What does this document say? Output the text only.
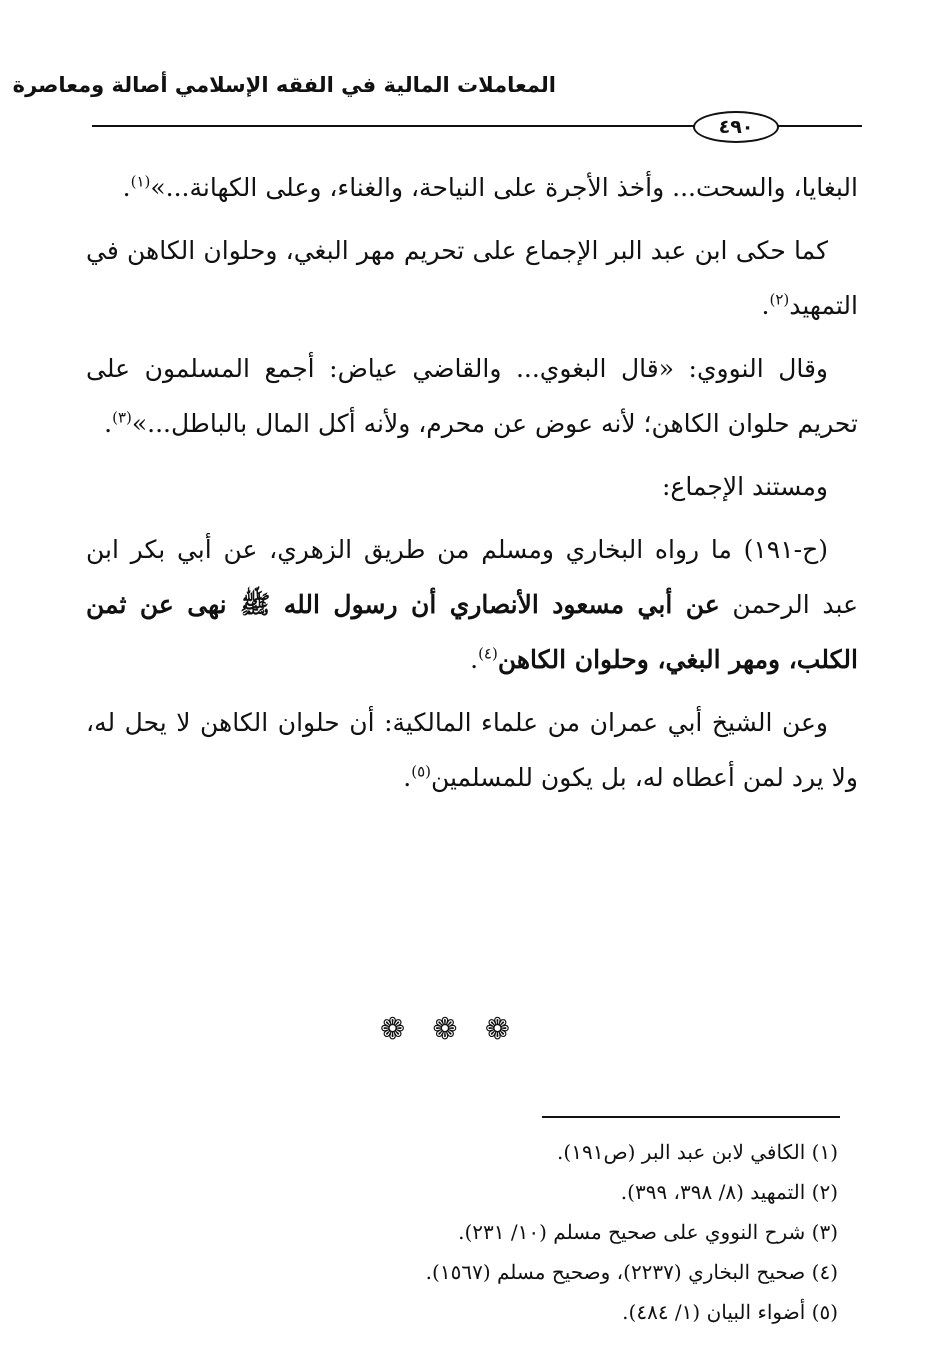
المعاملات المالية في الفقه الإسلامي أصالة ومعاصرة
٤٩٠

البغايا، والسحت... وأخذ الأجرة على النياحة، والغناء، وعلى الكهانة...»$^{(١)}$.

كما حكى ابن عبد البر الإجماع على تحريم مهر البغي، وحلوان الكاهن في التمهيد$^{(٢)}$.

وقال النووي: «قال البغوي... والقاضي عياض: أجمع المسلمون على تحريم حلوان الكاهن؛ لأنه عوض عن محرم، ولأنه أكل المال بالباطل...»$^{(٣)}$.

ومستند الإجماع:

(ح-١٩١) ما رواه البخاري ومسلم من طريق الزهري، عن أبي بكر ابن عبد الرحمن عن أبي مسعود الأنصاري أن رسول الله ﷺ نهى عن ثمن الكلب، ومهر البغي، وحلوان الكاهن$^{(٤)}$.

وعن الشيخ أبي عمران من علماء المالكية: أن حلوان الكاهن لا يحل له، ولا يرد لمن أعطاه له، بل يكون للمسلمين$^{(٥)}$.

❁ ❁ ❁
(١) الكافي لابن عبد البر (ص١٩١).
(٢) التمهيد (٨/ ٣٩٨، ٣٩٩).
(٣) شرح النووي على صحيح مسلم (١٠/ ٢٣١).
(٤) صحيح البخاري (٢٢٣٧)، وصحيح مسلم (١٥٦٧).
(٥) أضواء البيان (١/ ٤٨٤).
